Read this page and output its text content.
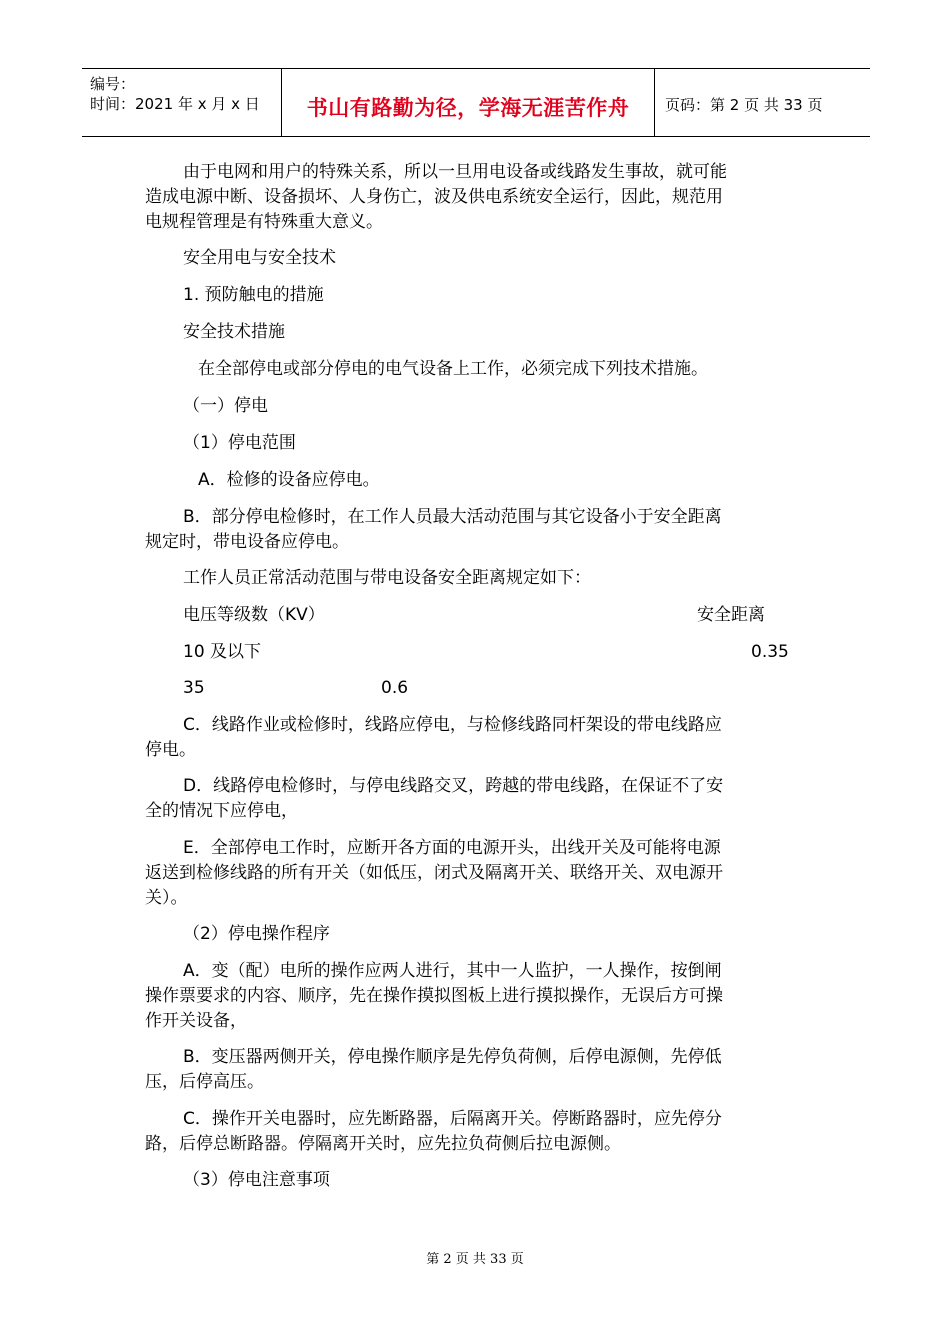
编号：
时间：2021 年 x 月 x 日	书山有路勤为径，学海无涯苦作舟	页码：第 2 页 共 33 页
由于电网和用户的特殊关系，所以一旦用电设备或线路发生事故，就可能
造成电源中断、设备损坏、人身伤亡，波及供电系统安全运行，因此，规范用
电规程管理是有特殊重大意义。
安全用电与安全技术
1. 预防触电的措施
安全技术措施
在全部停电或部分停电的电气设备上工作，必须完成下列技术措施。
（一）停电
（1）停电范围
A．检修的设备应停电。
B．部分停电检修时，在工作人员最大活动范围与其它设备小于安全距离
规定时，带电设备应停电。
工作人员正常活动范围与带电设备安全距离规定如下：
电压等级数（KV）	安全距离
10 及以下	0.35
35	0.6
C．线路作业或检修时，线路应停电，与检修线路同杆架设的带电线路应
停电。
D．线路停电检修时，与停电线路交叉，跨越的带电线路，在保证不了安
全的情况下应停电，
E．全部停电工作时，应断开各方面的电源开头，出线开关及可能将电源
返送到检修线路的所有开关（如低压，闭式及隔离开关、联络开关、双电源开
关）。
（2）停电操作程序
A．变（配）电所的操作应两人进行，其中一人监护，一人操作，按倒闸
操作票要求的内容、顺序，先在操作摸拟图板上进行摸拟操作，无误后方可操
作开关设备，
B．变压器两侧开关，停电操作顺序是先停负荷侧，后停电源侧，先停低
压，后停高压。
C．操作开关电器时，应先断路器，后隔离开关。停断路器时，应先停分
路，后停总断路器。停隔离开关时，应先拉负荷侧后拉电源侧。
（3）停电注意事项
第 2 页 共 33 页
